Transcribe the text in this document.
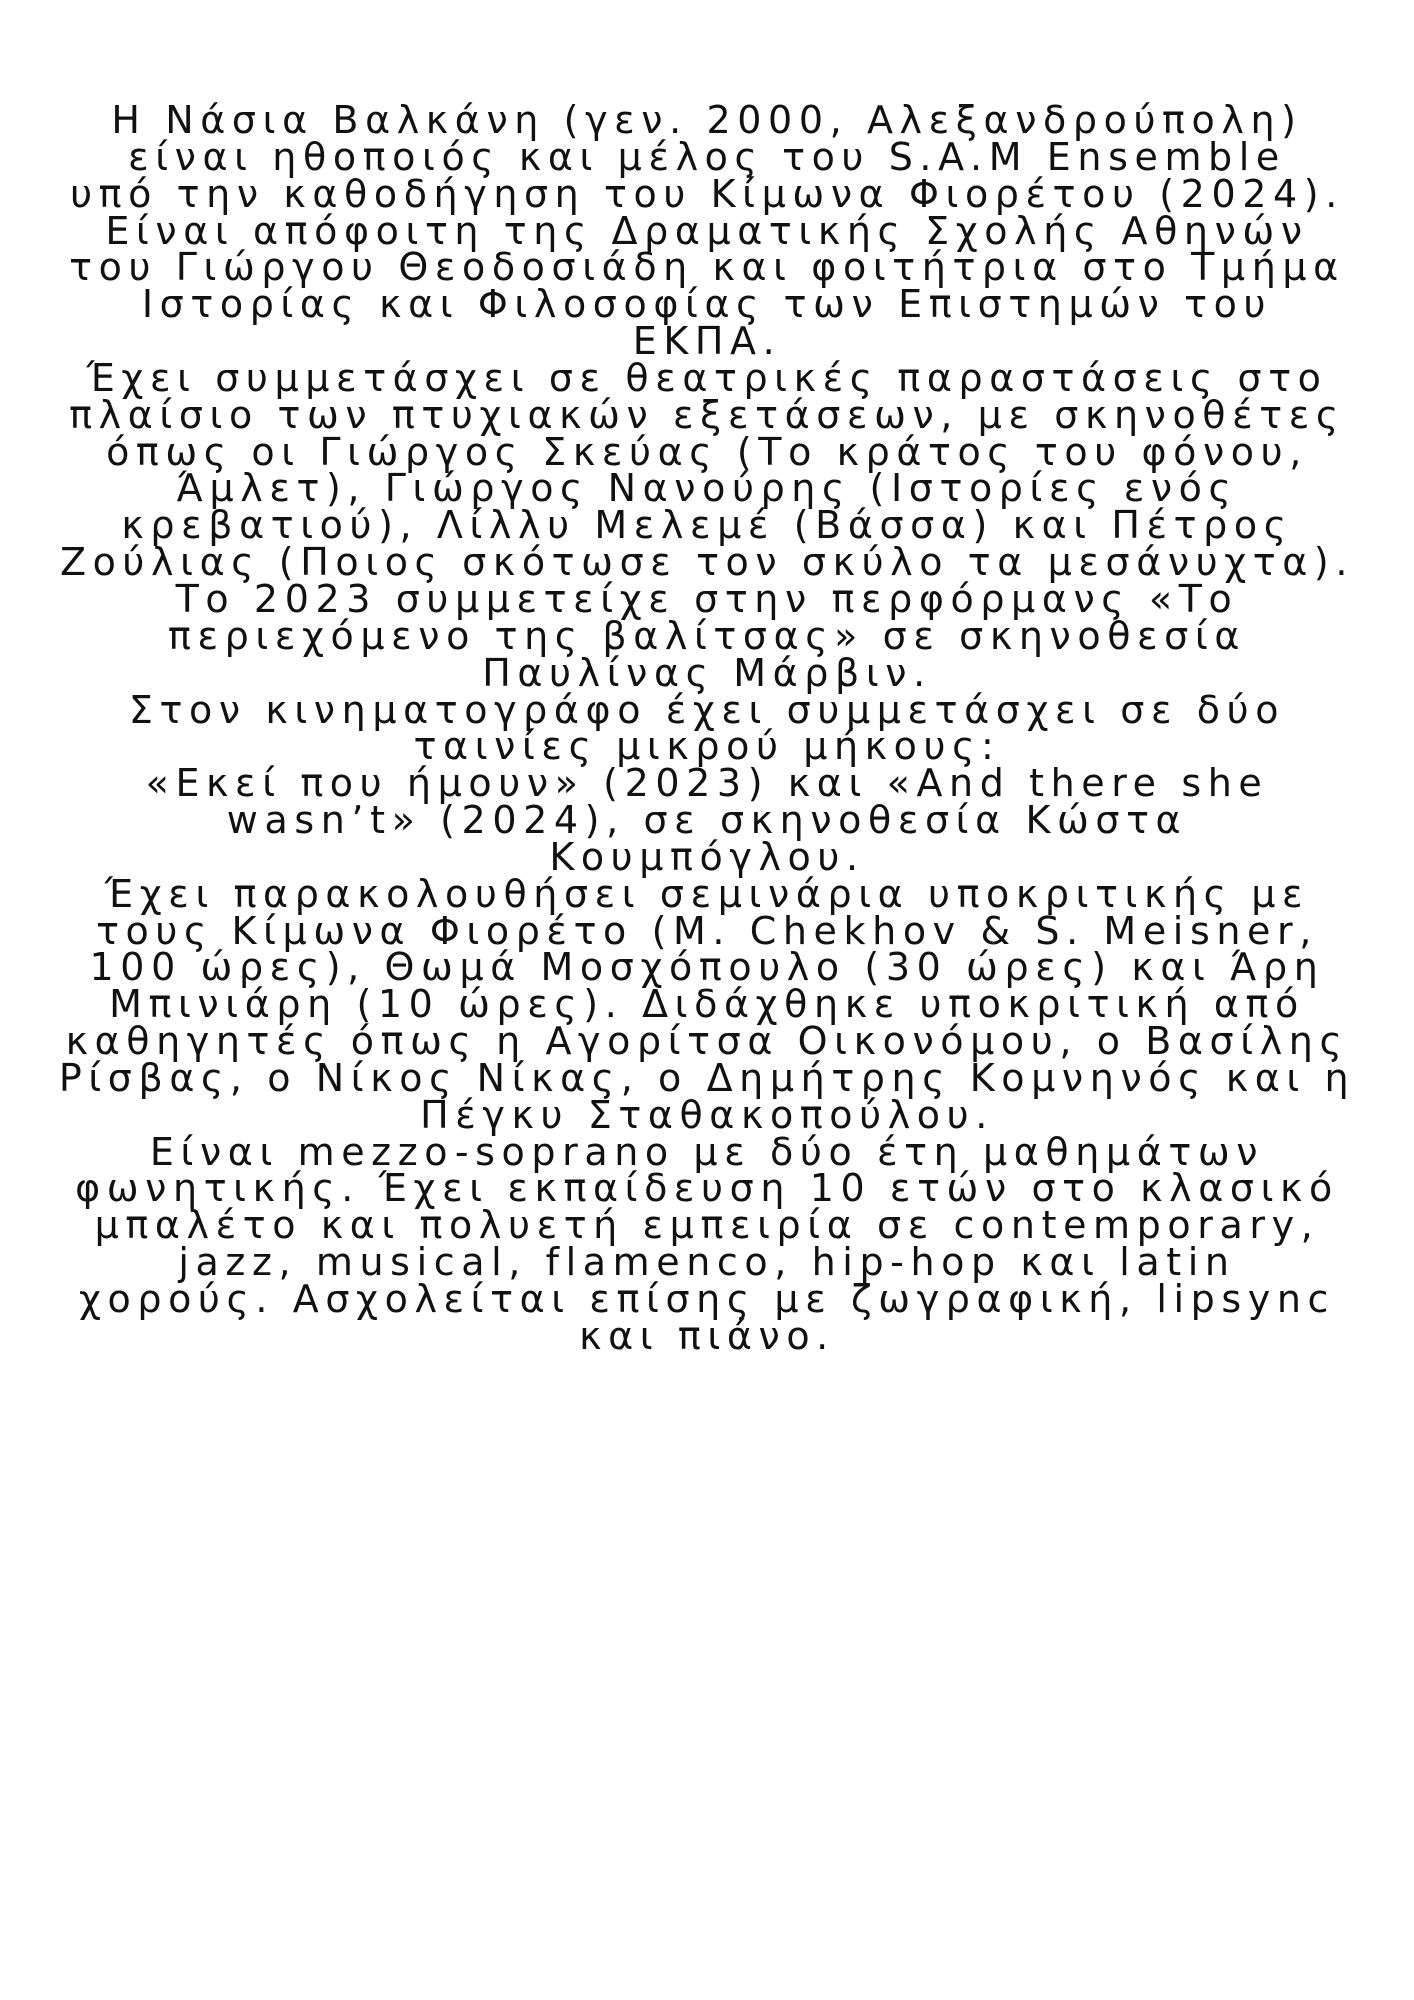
Η Νάσια Βαλκάνη (γεν. 2000, Αλεξανδρούπολη)
είναι ηθοποιός και μέλος του S.A.M Ensemble
υπό την καθοδήγηση του Κίμωνα Φιορέτου (2024).
Είναι απόφοιτη της Δραματικής Σχολής Αθηνών
του Γιώργου Θεοδοσιάδη και φοιτήτρια στο Τμήμα
Ιστορίας και Φιλοσοφίας των Επιστημών του
ΕΚΠΑ.
Έχει συμμετάσχει σε θεατρικές παραστάσεις στο
πλαίσιο των πτυχιακών εξετάσεων, με σκηνοθέτες
όπως οι Γιώργος Σκεύας (Το κράτος του φόνου,
Άμλετ), Γιώργος Νανούρης (Ιστορίες ενός
κρεβατιού), Λίλλυ Μελεμέ (Βάσσα) και Πέτρος
Ζούλιας (Ποιος σκότωσε τον σκύλο τα μεσάνυχτα).
Το 2023 συμμετείχε στην περφόρμανς «Το
περιεχόμενο της βαλίτσας» σε σκηνοθεσία
Παυλίνας Μάρβιν.
Στον κινηματογράφο έχει συμμετάσχει σε δύο
ταινίες μικρού μήκους:
«Εκεί που ήμουν» (2023) και «And there she
wasn’t» (2024), σε σκηνοθεσία Κώστα
Κουμπόγλου.
Έχει παρακολουθήσει σεμινάρια υποκριτικής με
τους Κίμωνα Φιορέτο (M. Chekhov & S. Meisner,
100 ώρες), Θωμά Μοσχόπουλο (30 ώρες) και Άρη
Μπινιάρη (10 ώρες). Διδάχθηκε υποκριτική από
καθηγητές όπως η Αγορίτσα Οικονόμου, ο Βασίλης
Ρίσβας, ο Νίκος Νίκας, ο Δημήτρης Κομνηνός και η
Πέγκυ Σταθακοπούλου.
Είναι mezzo-soprano με δύο έτη μαθημάτων
φωνητικής. Έχει εκπαίδευση 10 ετών στο κλασικό
μπαλέτο και πολυετή εμπειρία σε contemporary,
jazz, musical, flamenco, hip-hop και latin
χορούς. Ασχολείται επίσης με ζωγραφική, lipsync
και πιάνο.
